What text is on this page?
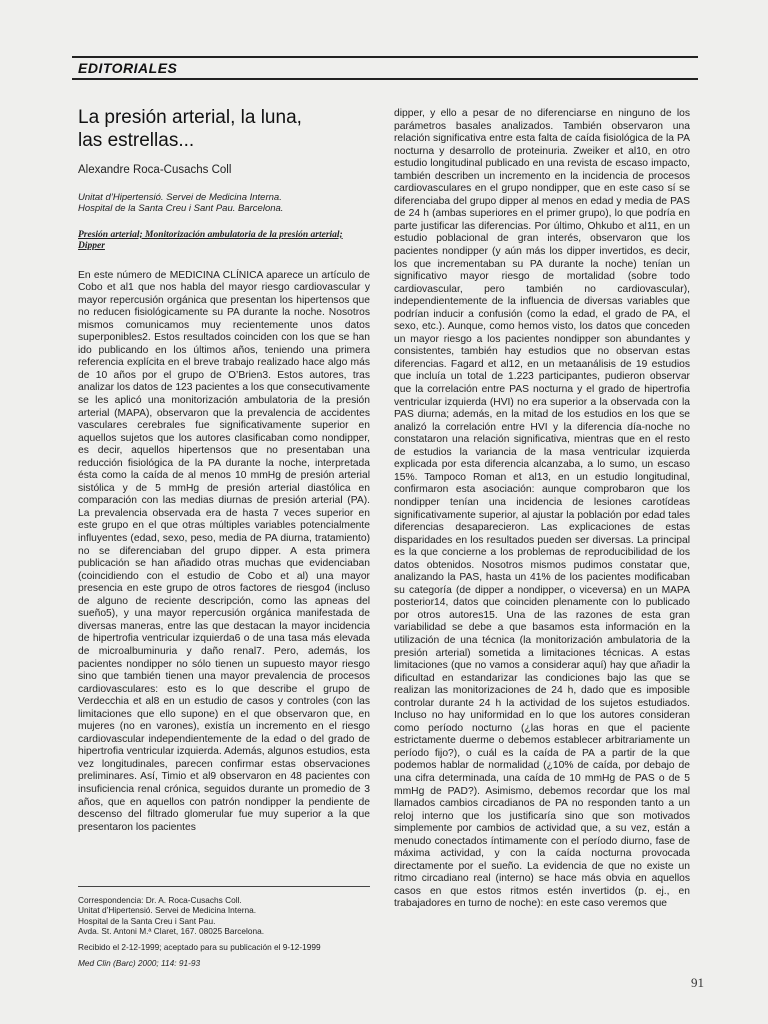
EDITORIALES
La presión arterial, la luna,
las estrellas...

Alexandre Roca-Cusachs Coll

Unitat d’Hipertensió. Servei de Medicina Interna.
Hospital de la Santa Creu i Sant Pau. Barcelona.

Presión arterial; Monitorización ambulatoria de la presión arterial; Dipper

En este número de MEDICINA CLÍNICA aparece un artículo de Cobo et al1 que nos habla del mayor riesgo cardiovascular y mayor repercusión orgánica que presentan los hipertensos que no reducen fisiológicamente su PA durante la noche. Nosotros mismos comunicamos muy recientemente unos datos superponibles2. Estos resultados coinciden con los que se han ido publicando en los últimos años, teniendo una primera referencia explícita en el breve trabajo realizado hace algo más de 10 años por el grupo de O’Brien3. Estos autores, tras analizar los datos de 123 pacientes a los que consecutivamente se les aplicó una monitorización ambulatoria de la presión arterial (MAPA), observaron que la prevalencia de accidentes vasculares cerebrales fue significativamente superior en aquellos sujetos que los autores clasificaban como nondipper, es decir, aquellos hipertensos que no presentaban una reducción fisiológica de la PA durante la noche, interpretada ésta como la caída de al menos 10 mmHg de presión arterial sistólica y de 5 mmHg de presión arterial diastólica en comparación con las medias diurnas de presión arterial (PA). La prevalencia observada era de hasta 7 veces superior en este grupo en el que otras múltiples variables potencialmente influyentes (edad, sexo, peso, media de PA diurna, tratamiento) no se diferenciaban del grupo dipper. A esta primera publicación se han añadido otras muchas que evidenciaban (coincidiendo con el estudio de Cobo et al) una mayor presencia en este grupo de otros factores de riesgo4 (incluso de alguno de reciente descripción, como las apneas del sueño5), y una mayor repercusión orgánica manifestada de diversas maneras, entre las que destacan la mayor incidencia de hipertrofia ventricular izquierda6 o de una tasa más elevada de microalbuminuria y daño renal7. Pero, además, los pacientes nondipper no sólo tienen un supuesto mayor riesgo sino que también tienen una mayor prevalencia de procesos cardiovasculares: esto es lo que describe el grupo de Verdecchia et al8 en un estudio de casos y controles (con las limitaciones que ello supone) en el que observaron que, en mujeres (no en varones), existía un incremento en el riesgo cardiovascular independientemente de la edad o del grado de hipertrofia ventricular izquierda. Además, algunos estudios, esta vez longitudinales, parecen confirmar estas observaciones preliminares. Así, Timio et al9 observaron en 48 pacientes con insuficiencia renal crónica, seguidos durante un promedio de 3 años, que en aquellos con patrón nondipper la pendiente de descenso del filtrado glomerular fue muy superior a la que presentaron los pacientes

dipper, y ello a pesar de no diferenciarse en ninguno de los parámetros basales analizados. También observaron una relación significativa entre esta falta de caída fisiológica de la PA nocturna y desarrollo de proteinuria. Zweiker et al10, en otro estudio longitudinal publicado en una revista de escaso impacto, también describen un incremento en la incidencia de procesos cardiovasculares en el grupo nondipper, que en este caso sí se diferenciaba del grupo dipper al menos en edad y media de PAS de 24 h (ambas superiores en el primer grupo), lo que podría en parte justificar las diferencias. Por último, Ohkubo et al11, en un estudio poblacional de gran interés, observaron que los pacientes nondipper (y aún más los dipper invertidos, es decir, los que incrementaban su PA durante la noche) tenían un significativo mayor riesgo de mortalidad (sobre todo cardiovascular, pero también no cardiovascular), independientemente de la influencia de diversas variables que podrían inducir a confusión (como la edad, el grado de PA, el sexo, etc.). Aunque, como hemos visto, los datos que conceden un mayor riesgo a los pacientes nondipper son abundantes y consistentes, también hay estudios que no observan estas diferencias. Fagard et al12, en un metaanálisis de 19 estudios que incluía un total de 1.223 participantes, pudieron observar que la correlación entre PAS nocturna y el grado de hipertrofia ventricular izquierda (HVI) no era superior a la observada con la PAS diurna; además, en la mitad de los estudios en los que se analizó la correlación entre HVI y la diferencia día-noche no constataron una relación significativa, mientras que en el resto de estudios la variancia de la masa ventricular izquierda explicada por esta diferencia alcanzaba, a lo sumo, un escaso 15%. Tampoco Roman et al13, en un estudio longitudinal, confirmaron esta asociación: aunque comprobaron que los nondipper tenían una incidencia de lesiones carotídeas significativamente superior, al ajustar la población por edad tales diferencias desaparecieron. Las explicaciones de estas disparidades en los resultados pueden ser diversas. La principal es la que concierne a los problemas de reproducibilidad de los datos obtenidos. Nosotros mismos pudimos constatar que, analizando la PAS, hasta un 41% de los pacientes modificaban su categoría (de dipper a nondipper, o viceversa) en un MAPA posterior14, datos que coinciden plenamente con lo publicado por otros autores15. Una de las razones de esta gran variabilidad se debe a que basamos esta información en la utilización de una técnica (la monitorización ambulatoria de la presión arterial) sometida a limitaciones técnicas. A estas limitaciones (que no vamos a considerar aquí) hay que añadir la dificultad en estandarizar las condiciones bajo las que se realizan las monitorizaciones de 24 h, dado que es imposible controlar durante 24 h la actividad de los sujetos estudiados. Incluso no hay uniformidad en lo que los autores consideran como período nocturno (¿las horas en que el paciente estrictamente duerme o debemos establecer arbitrariamente un período fijo?), o cuál es la caída de PA a partir de la que podemos hablar de normalidad (¿10% de caída, por debajo de una cifra determinada, una caída de 10 mmHg de PAS o de 5 mmHg de PAD?). Asimismo, debemos recordar que los mal llamados cambios circadianos de PA no responden tanto a un reloj interno que los justificaría sino que son motivados simplemente por cambios de actividad que, a su vez, están a menudo conectados íntimamente con el período diurno, fase de máxima actividad, y con la caída nocturna provocada directamente por el sueño. La evidencia de que no existe un ritmo circadiano real (interno) se hace más obvia en aquellos casos en que estos ritmos estén invertidos (p. ej., en trabajadores en turno de noche): en este caso veremos que

Correspondencia: Dr. A. Roca-Cusachs Coll.

Unitat d’Hipertensió. Servei de Medicina Interna.

Hospital de la Santa Creu i Sant Pau.

Avda. St. Antoni M.ª Claret, 167. 08025 Barcelona.

Recibido el 2-12-1999; aceptado para su publicación el 9-12-1999

Med Clin (Barc) 2000; 114: 91-93

91
